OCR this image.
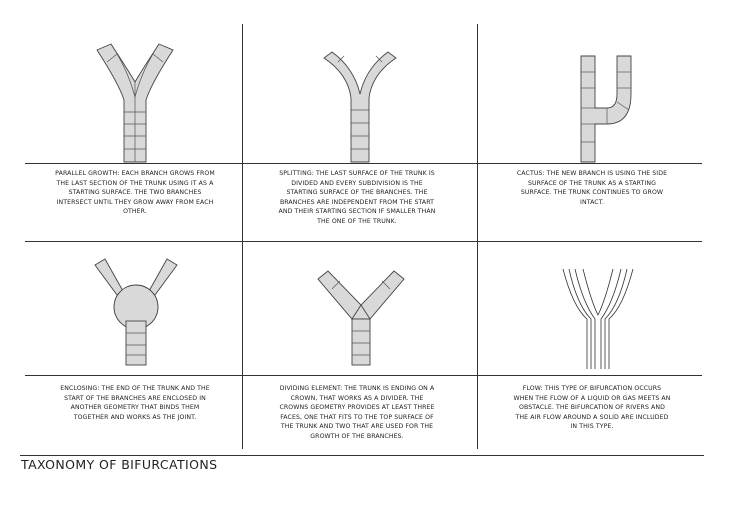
PARALLEL GROWTH: EACH BRANCH GROWS FROM THE LAST SECTION OF THE TRUNK USING IT AS A STARTING SURFACE. THE TWO BRANCHES INTERSECT UNTIL THEY GROW AWAY FROM EACH OTHER.
SPLITTING: THE LAST SURFACE OF THE TRUNK IS DIVIDED AND EVERY SUBDIVISION IS THE STARTING SURFACE OF THE BRANCHES. THE BRANCHES ARE INDEPENDENT FROM THE START AND THEIR STARTING SECTION IF SMALLER THAN THE ONE OF THE TRUNK.
CACTUS: THE NEW BRANCH IS USING THE SIDE SURFACE OF THE TRUNK AS A STARTING SURFACE. THE TRUNK CONTINUES TO GROW INTACT.
ENCLOSING: THE END OF THE TRUNK AND THE START OF THE BRANCHES ARE ENCLOSED IN ANOTHER GEOMETRY THAT BINDS THEM TOGETHER AND WORKS AS THE JOINT.
DIVIDING ELEMENT: THE TRUNK IS ENDING ON A CROWN, THAT WORKS AS A DIVIDER. THE CROWNS GEOMETRY PROVIDES AT LEAST THREE FACES, ONE THAT FITS TO THE TOP SURFACE OF THE TRUNK AND TWO THAT ARE USED FOR THE GROWTH OF THE BRANCHES.
FLOW: THIS TYPE OF BIFURCATION OCCURS WHEN THE FLOW OF A LIQUID OR GAS MEETS AN OBSTACLE. THE BIFURCATION OF RIVERS AND THE AIR FLOW AROUND A SOLID ARE INCLUDED IN THIS TYPE.
TAXONOMY OF BIFURCATIONS
